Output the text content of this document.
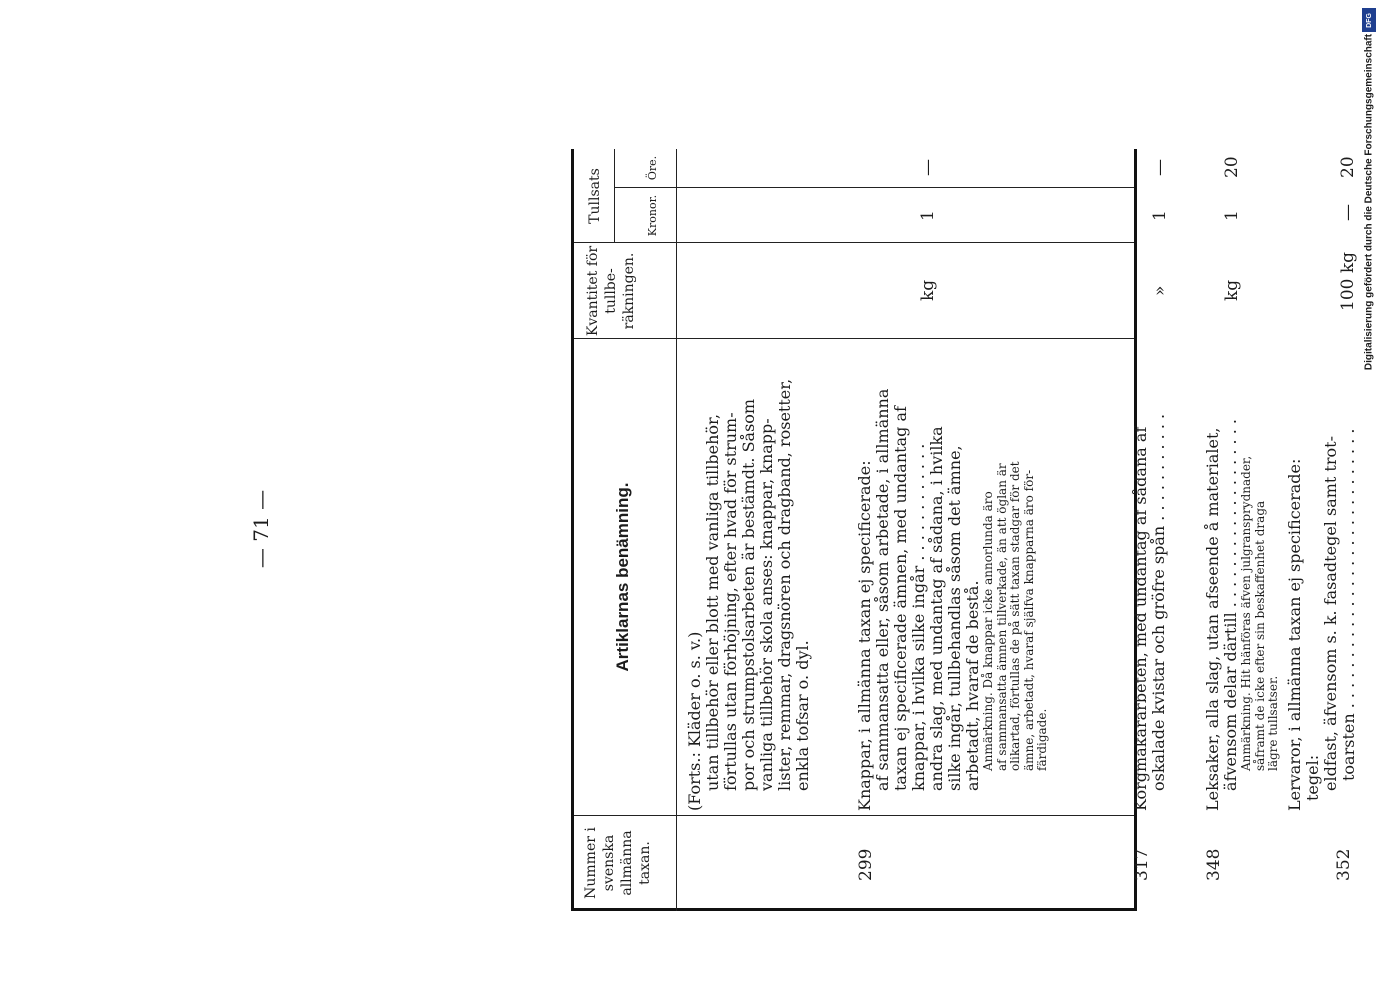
— 71 —
Nummer i svenska allmänna taxan.
Artiklarnas benämning.
Kvantitet för tullbe- räkningen.
Tullsats	Kronor.
Öre.
(Forts.: Kläder o. s. v.) utan tillbehör eller blott med vanliga tillbehör, förtullas utan förhöjning, efter hvad för strum- por och strumpstolsarbeten är bestämdt. Såsom vanliga tillbehör skola anses: knappar, knapp- lister, remmar, dragsnören och dragband, rosetter, enkla tofsar o. dyl.
299
Knappar, i allmänna taxan ej specificerade: af sammansatta eller, såsom arbetade, i allmänna taxan ej specificerade ämnen, med undantag af knappar, i hvilka silke ingår . . . . . . . . . . . . andra slag, med undantag af sådana, i hvilka silke ingår, tullbehandlas såsom det ämne, arbetadt, hvaraf de bestå. Anmärkning. Då knappar icke annorlunda äro af sammansatta ämnen tillverkade, än att öglan är olikartad, förtullas de på sätt taxan stadgar för det ämne, arbetadt, hvaraf själfva knapparna äro för- färdigade.
kg
1
—
317
Korgmakararbeten, med undantag af sådana af oskalade kvistar och gröfre spån . . . . . . . . . . .
»
1
—
348
Leksaker, alla slag, utan afseende å materialet, äfvensom delar därtill . . . . . . . . . . . . . . . . . . . Anmärkning. Hit hänföras äfven julgransprydnader, såframt de icke efter sin beskaffenhet draga lägre tullsatser.
kg
1
20
352
Lervaror, i allmänna taxan ej specificerade: tegel: eldfast, äfvensom s. k. fasadtegel samt trot- toarsten . . . . . . . . . . . . . . . . . . . . . . . . . . . .
100 kg
—
20
DFG
Digitalisierung gefördert durch die Deutsche Forschungsgemeinschaft
